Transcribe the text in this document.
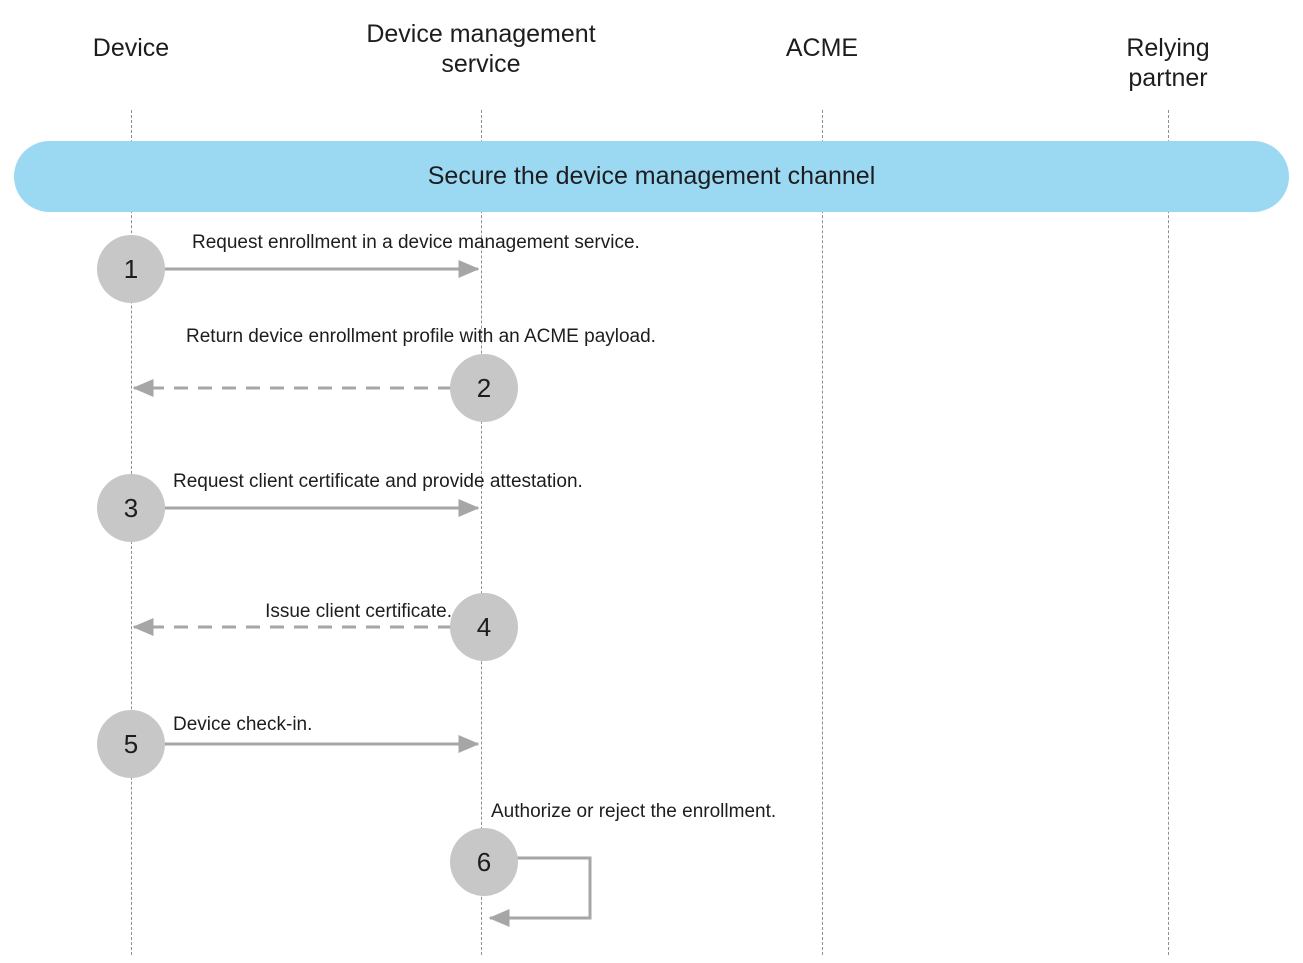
Device	Device management
service
ACME	Relying partner
Secure the device management channel
1
2
3
4
5
6
Request enrollment in a device management service.
Return device enrollment profile with an ACME payload.
Request client certificate and provide attestation.
Issue client certificate.
Device check-in.
Authorize or reject the enrollment.
